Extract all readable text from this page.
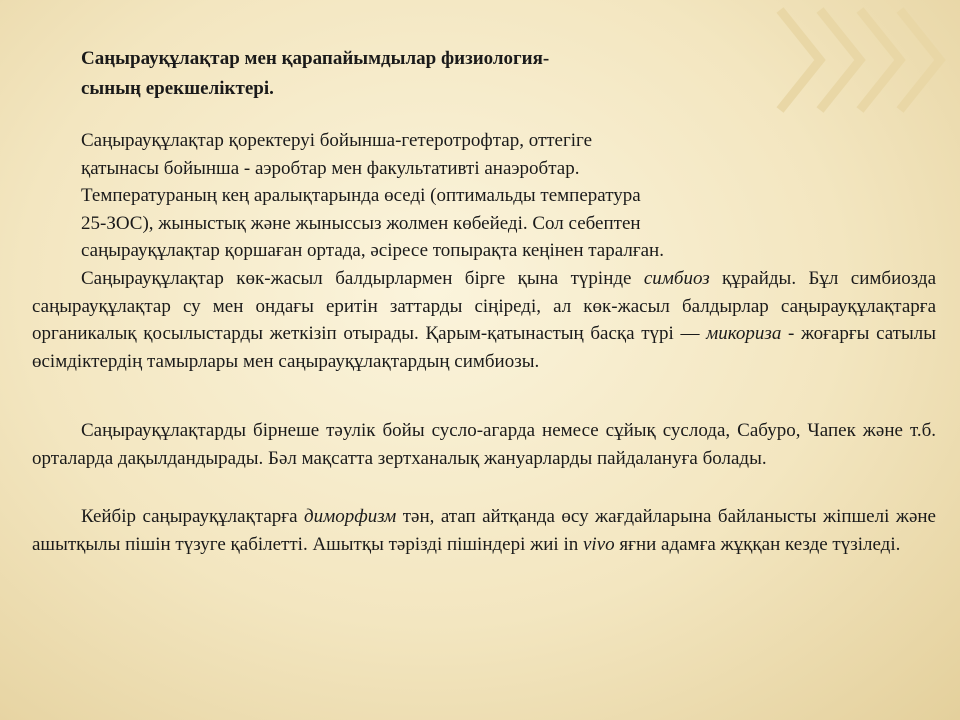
Саңырауқұлақтар мен қарапайымдылар физиология-
сының ерекшеліктері.

Саңырауқұлақтар қоректеруі бойынша-гетеротрофтар, оттегіге

қатынасы бойынша - аэробтар мен факультативті анаэробтар.

Температураның кең аралықтарында өседі (оптимальды температура

25-ЗОС), жыныстық және жыныссыз жолмен көбейеді. Сол себептен

саңырауқұлақтар қоршаған ортада, әсіресе топырақта кеңінен таралған.

Саңырауқұлақтар көк-жасыл балдырлармен бірге қына түрінде симбиоз құрайды. Бұл симбиозда саңырауқұлақтар су мен ондағы еритін заттарды сіңіреді, ал көк-жасыл балдырлар саңырауқұлақтарға органикалық қосылыстарды жеткізіп отырады. Қарым-қатынастың басқа түрі — микориза - жоғарғы сатылы өсімдіктердің тамырлары мен саңырауқұлақтардың симбиозы.

Саңырауқұлақтарды бірнеше тәулік бойы сусло-агарда немесе сұйық суслода, Сабуро, Чапек және т.б. орталарда дақылдандырады. Бәл мақсатта зертханалық жануарларды пайдалануға болады.

Кейбір саңырауқұлақтарға диморфизм тән, атап айтқанда өсу жағдайларына байланысты жіпшелі және ашытқылы пішін түзуге қабілетті. Ашытқы тәрізді пішіндері жиі in vivo яғни адамға жұққан кезде түзіледі.
